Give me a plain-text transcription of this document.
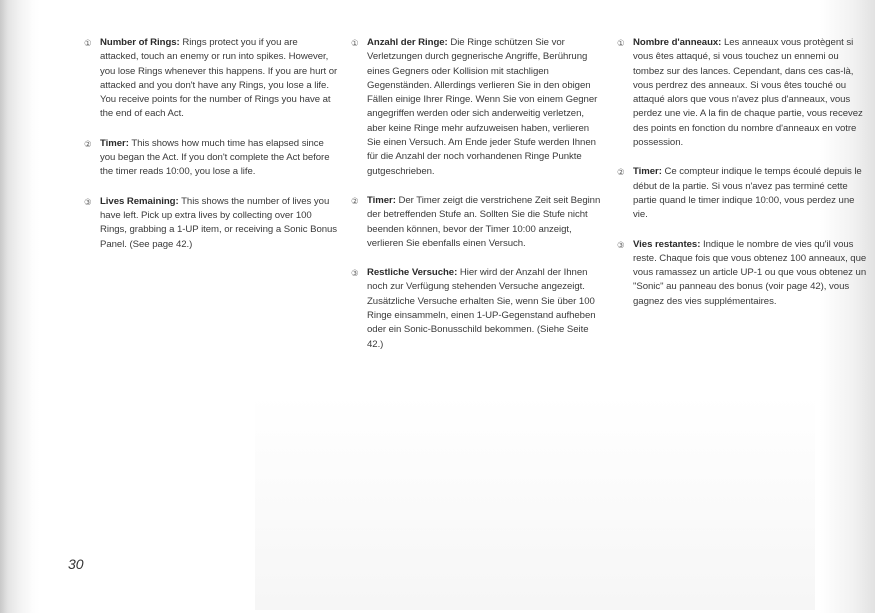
① Number of Rings: Rings protect you if you are attacked, touch an enemy or run into spikes. However, you lose Rings whenever this happens. If you are hurt or attacked and you don't have any Rings, you lose a life. You receive points for the number of Rings you have at the end of each Act.
② Timer: This shows how much time has elapsed since you began the Act. If you don't complete the Act before the timer reads 10:00, you lose a life.
③ Lives Remaining: This shows the number of lives you have left. Pick up extra lives by collecting over 100 Rings, grabbing a 1-UP item, or receiving a Sonic Bonus Panel. (See page 42.)
① Anzahl der Ringe: Die Ringe schützen Sie vor Verletzungen durch gegnerische Angriffe, Berührung eines Gegners oder Kollision mit stachligen Gegenständen. Allerdings verlieren Sie in den obigen Fällen einige Ihrer Ringe. Wenn Sie von einem Gegner angegriffen werden oder sich anderweitig verletzen, aber keine Ringe mehr aufzuweisen haben, verlieren Sie einen Versuch. Am Ende jeder Stufe werden Ihnen für die Anzahl der noch vorhandenen Ringe Punkte gutgeschrieben.
② Timer: Der Timer zeigt die verstrichene Zeit seit Beginn der betreffenden Stufe an. Sollten Sie die Stufe nicht beenden können, bevor der Timer 10:00 anzeigt, verlieren Sie ebenfalls einen Versuch.
③ Restliche Versuche: Hier wird der Anzahl der Ihnen noch zur Verfügung stehenden Versuche angezeigt. Zusätzliche Versuche erhalten Sie, wenn Sie über 100 Ringe einsammeln, einen 1-UP-Gegenstand aufheben oder ein Sonic-Bonusschild bekommen. (Siehe Seite 42.)
① Nombre d'anneaux: Les anneaux vous protègent si vous êtes attaqué, si vous touchez un ennemi ou tombez sur des lances. Cependant, dans ces cas-là, vous perdrez des anneaux. Si vous êtes touché ou attaqué alors que vous n'avez plus d'anneaux, vous perdez une vie. A la fin de chaque partie, vous recevez des points en fonction du nombre d'anneaux en votre possession.
② Timer: Ce compteur indique le temps écoulé depuis le début de la partie. Si vous n'avez pas terminé cette partie quand le timer indique 10:00, vous perdez une vie.
③ Vies restantes: Indique le nombre de vies qu'il vous reste. Chaque fois que vous obtenez 100 anneaux, que vous ramassez un article UP-1 ou que vous obtenez un "Sonic" au panneau des bonus (voir page 42), vous gagnez des vies supplémentaires.
30
